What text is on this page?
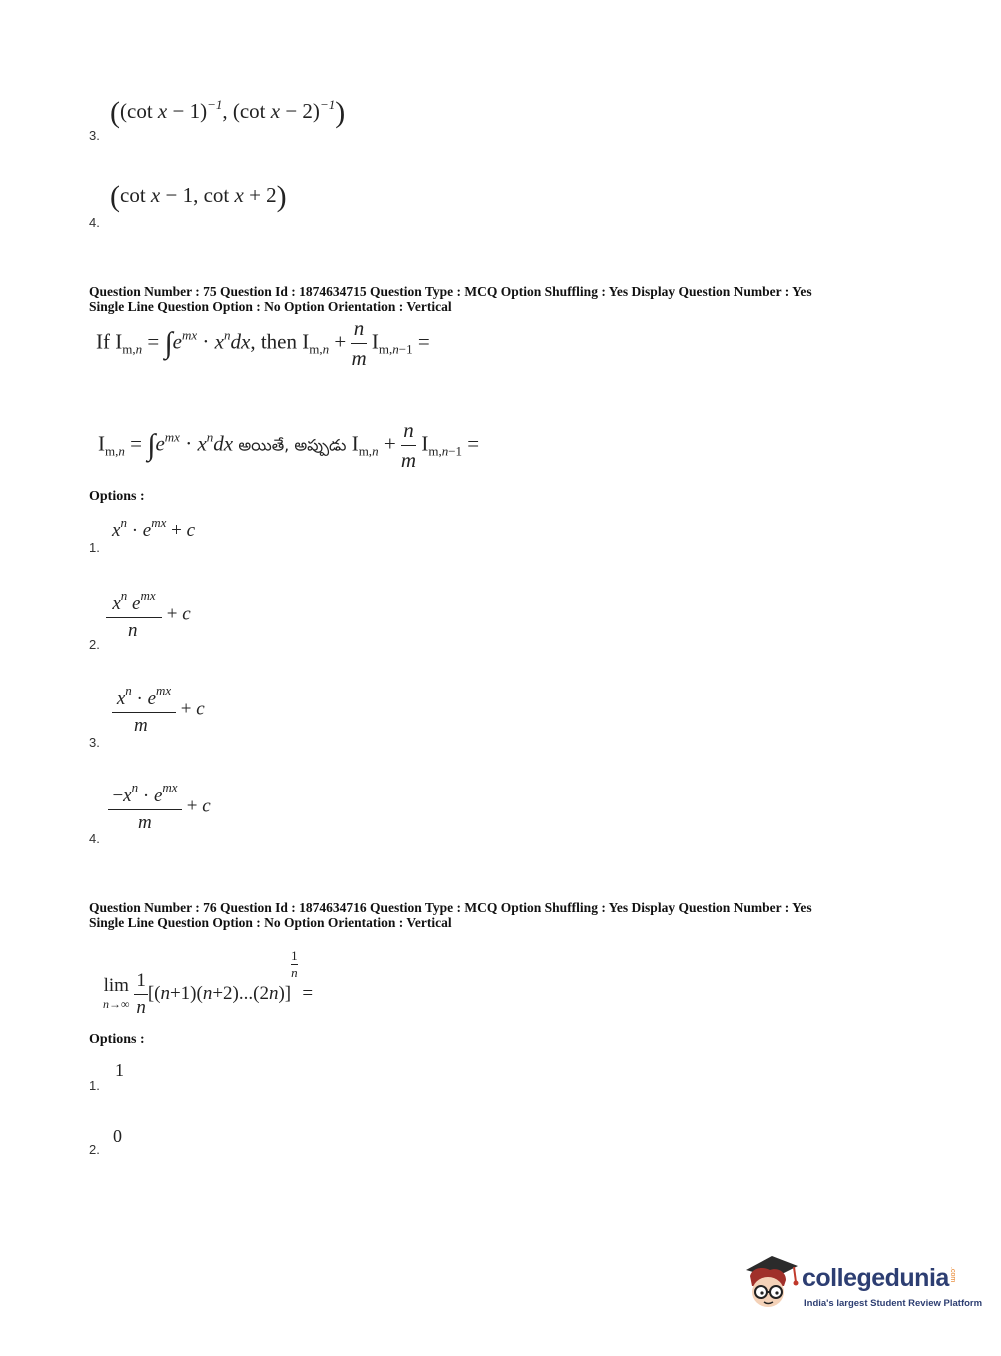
((cot x − 1)$^{-1}$, (cot x − 2)$^{-1}$)
3.
(cot x − 1, cot x + 2)
4.
Question Number : 75 Question Id : 1874634715 Question Type : MCQ Option Shuffling : Yes Display Question Number : Yes
Single Line Question Option : No Option Orientation : Vertical
If $I_{m,n} = \int e^{mx} \cdot x^ndx$, then $I_{m,n} + \frac{n}{m} I_{m,n-1}$ =
$I_{m,n} = \int e^{mx} \cdot x^ndx$ అయితే, అప్పుడు $I_{m,n} + \frac{n}{m} I_{m,n-1}$ =
Options :
$x^n \cdot e^{mx} + c$
1.
$\frac{x^n e^{mx}}{n} + c$
2.
$\frac{x^n \cdot e^{mx}}{m} + c$
3.
$\frac{-x^n \cdot e^{mx}}{m} + c$
4.
Question Number : 76 Question Id : 1874634716 Question Type : MCQ Option Shuffling : Yes Display Question Number : Yes
Single Line Question Option : No Option Orientation : Vertical
lim
n→∞
$\frac{1}{n} [(n+1)(n+2)...(2n)]$
$\frac{1}{n}$
=
Options :
1
1.
0
2.
collegedunia.com
India's largest Student Review Platform
